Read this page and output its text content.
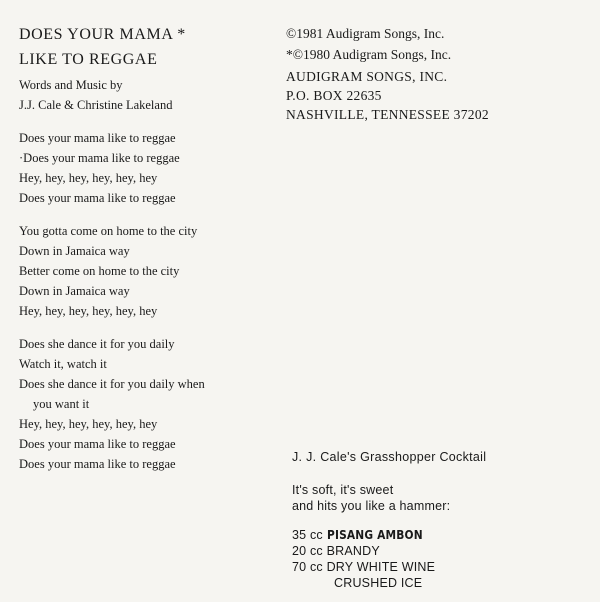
DOES YOUR MAMA *
LIKE TO REGGAE
Words and Music by
J.J. Cale & Christine Lakeland
Does your mama like to reggae
·Does your mama like to reggae
Hey, hey, hey, hey, hey, hey
Does your mama like to reggae
You gotta come on home to the city
Down in Jamaica way
Better come on home to the city
Down in Jamaica way
Hey, hey, hey, hey, hey, hey
Does she dance it for you daily
Watch it, watch it
Does she dance it for you daily when
you want it
Hey, hey, hey, hey, hey, hey
Does your mama like to reggae
Does your mama like to reggae
©1981 Audigram Songs, Inc.
*©1980 Audigram Songs, Inc.
AUDIGRAM SONGS, INC.
P.O. BOX 22635
NASHVILLE, TENNESSEE 37202
J. J. Cale's Grasshopper Cocktail
It's soft, it's sweet
and hits you like a hammer:
35 cc PISANG AMBON
20 cc BRANDY
70 cc DRY WHITE WINE
CRUSHED ICE
